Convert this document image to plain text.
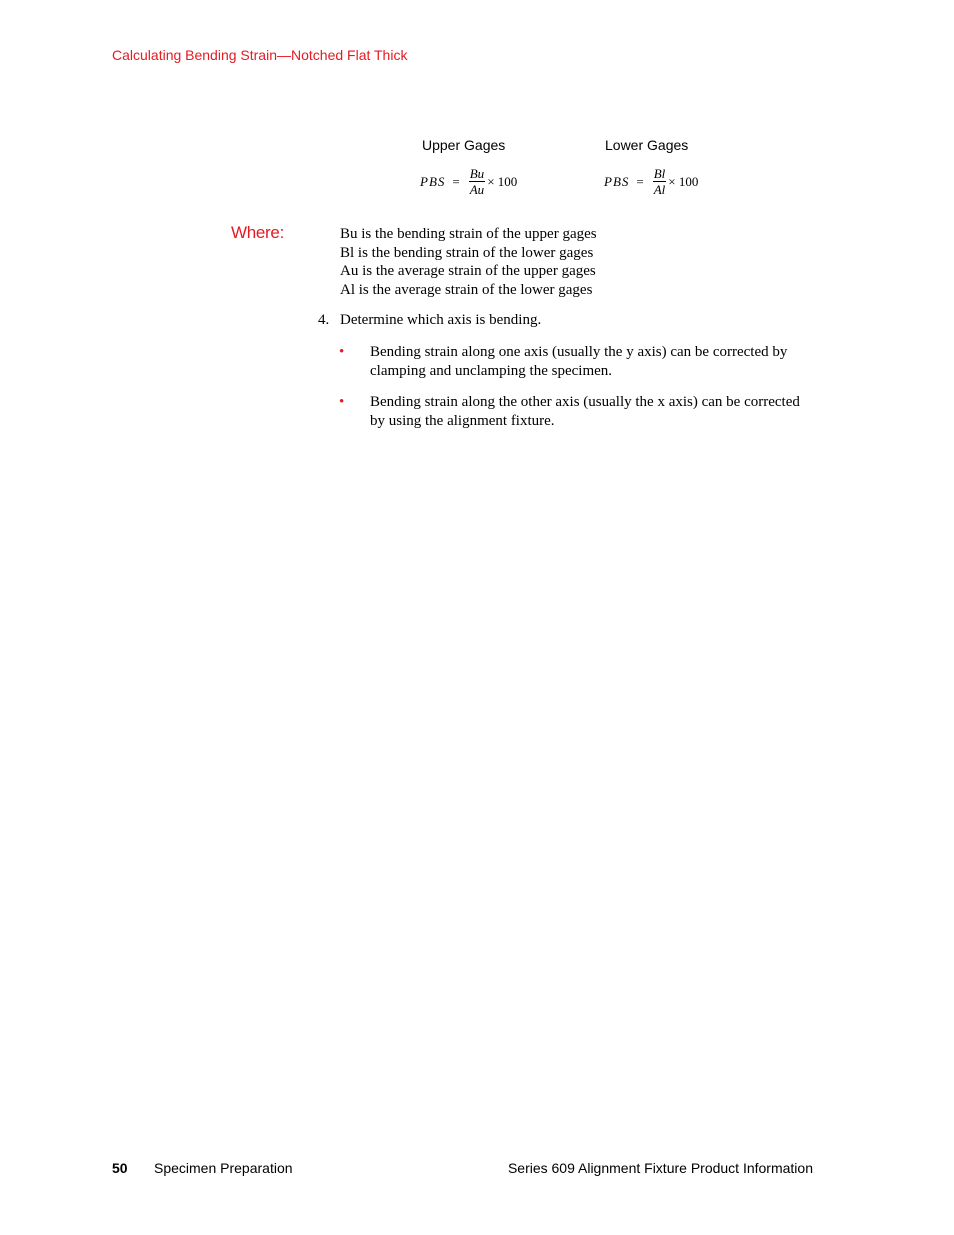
Calculating Bending Strain—Notched Flat Thick
Upper Gages	Lower Gages
PBS = $\frac{Bu}{Au} \times 100$	PBS = $\frac{Bl}{Al} \times 100$
Where:	Bu is the bending strain of the upper gages
Bl is the bending strain of the lower gages
Au is the average strain of the upper gages
Al is the average strain of the lower gages
4. Determine which axis is bending.
• Bending strain along one axis (usually the y axis) can be corrected by
clamping and unclamping the specimen.
• Bending strain along the other axis (usually the x axis) can be corrected
by using the alignment fixture.
50 Specimen Preparation	Series 609 Alignment Fixture Product Information
